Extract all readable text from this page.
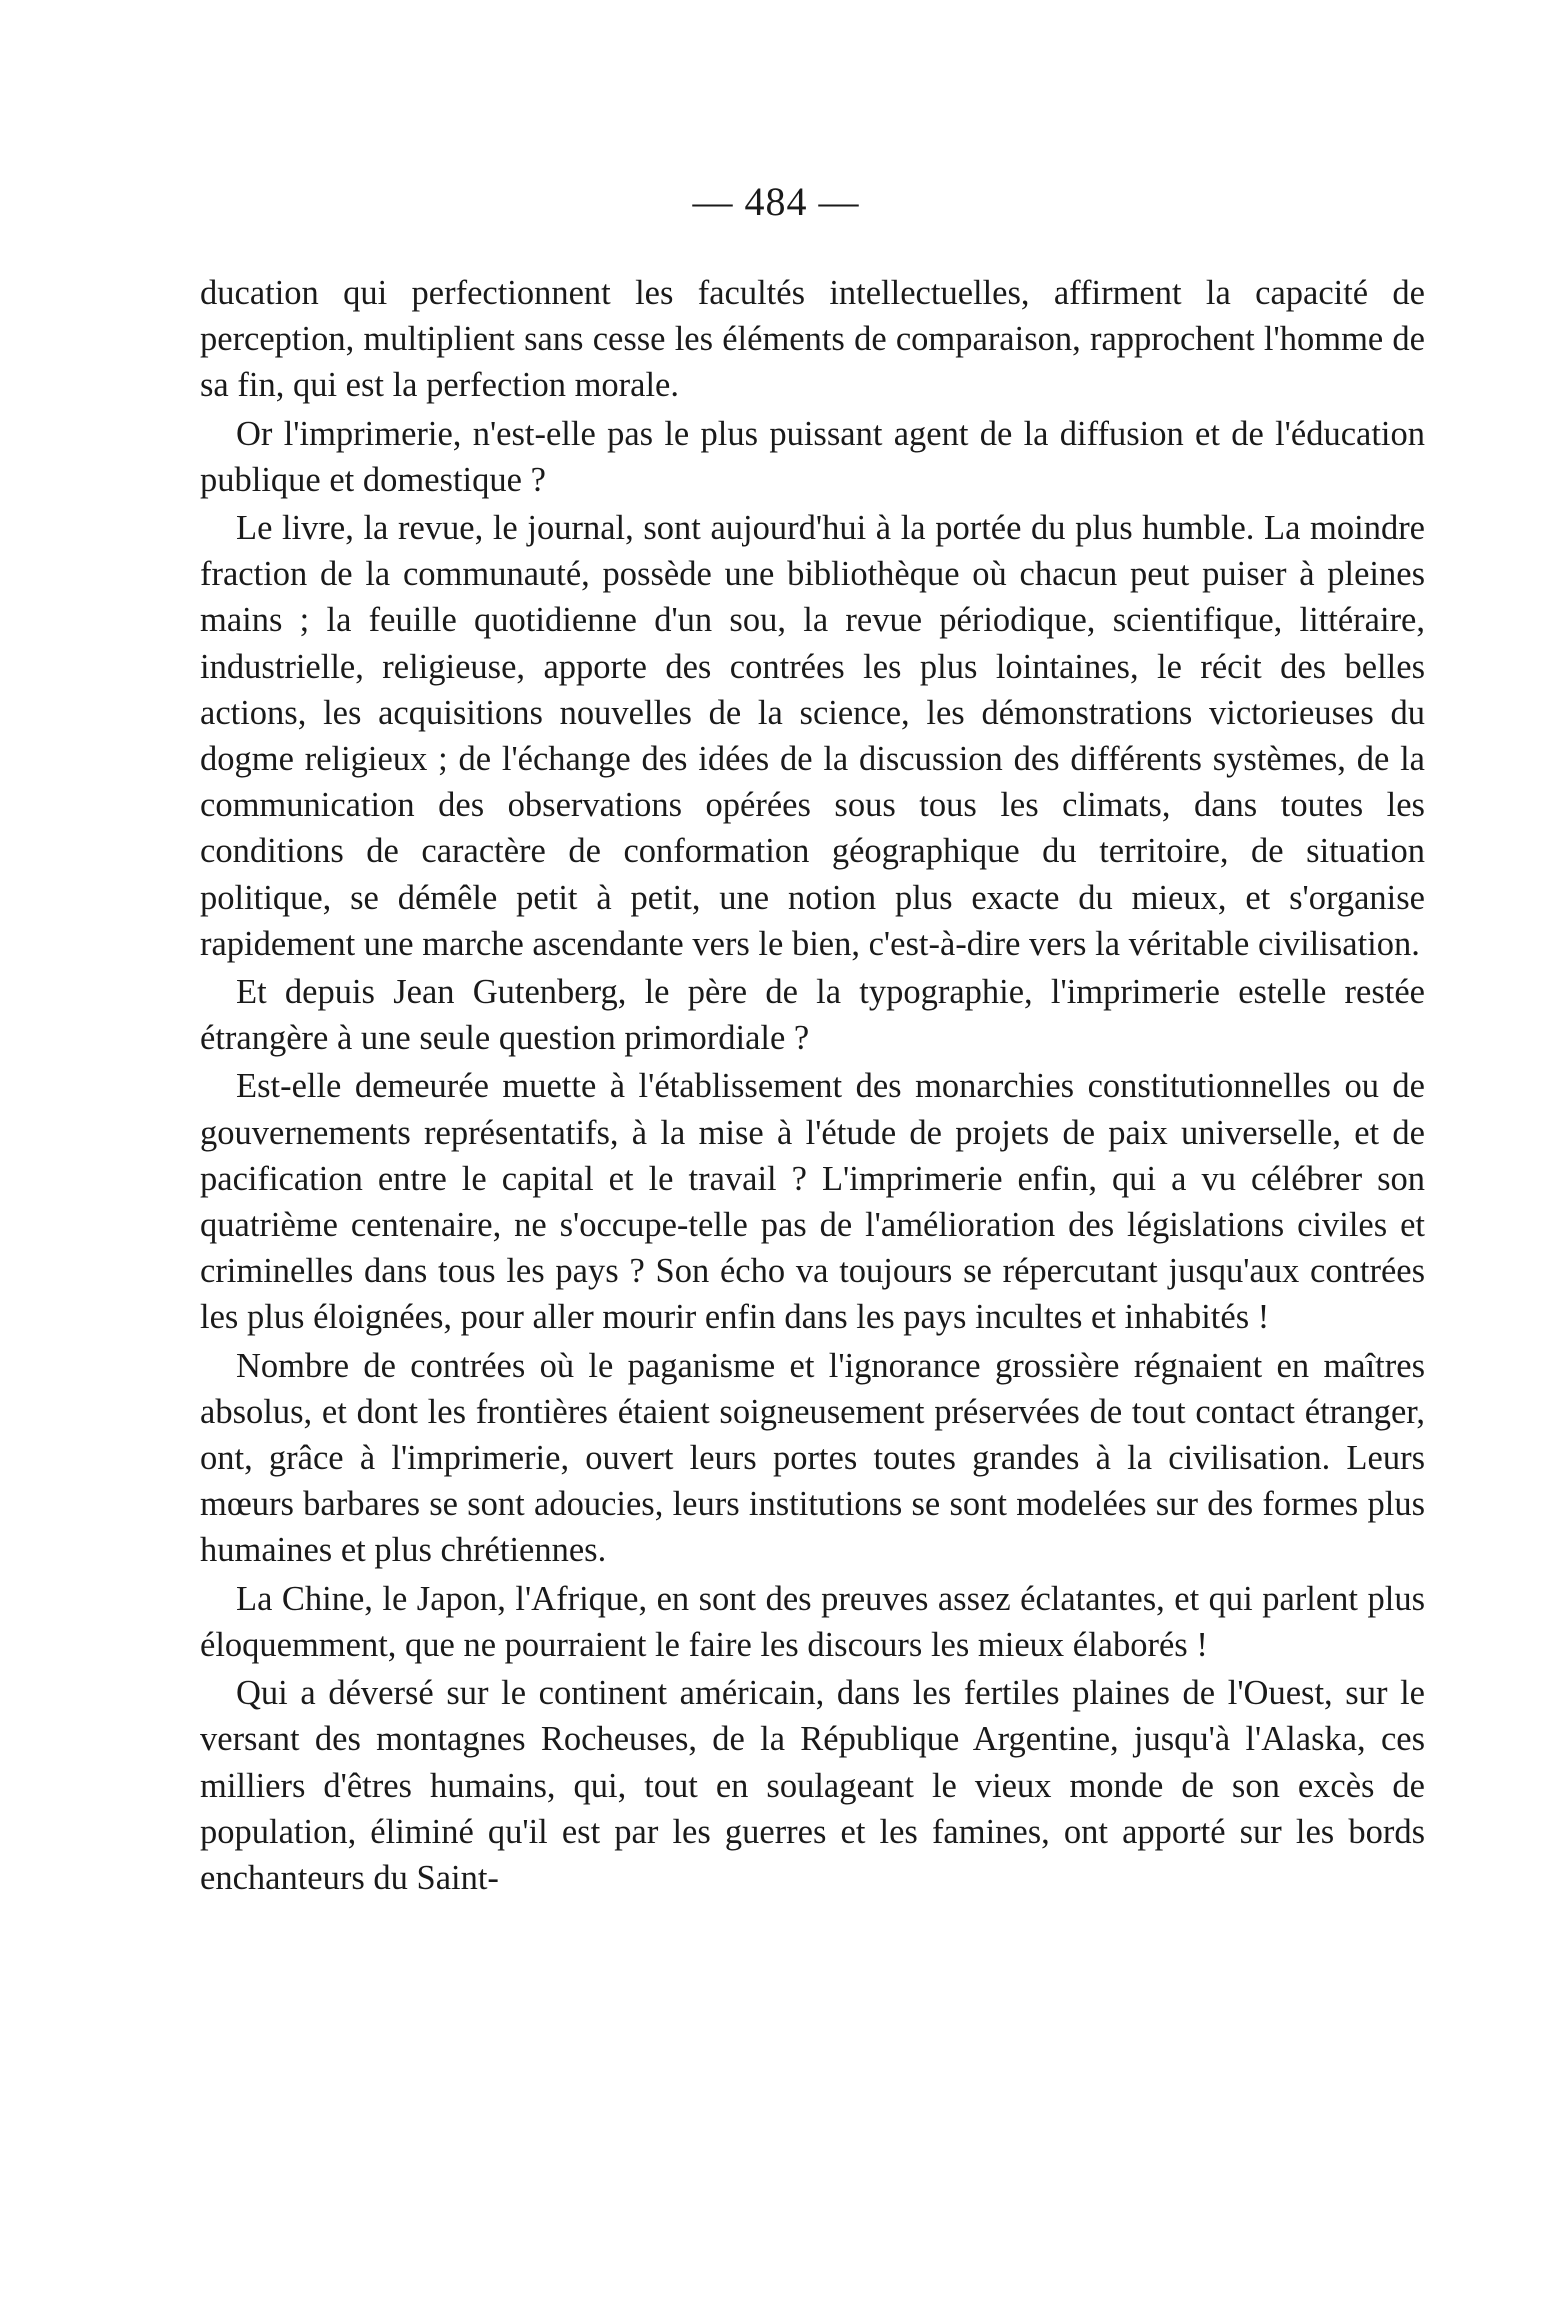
— 484 —

ducation qui perfectionnent les facultés intellectuelles, affirment la capacité de perception, multiplient sans cesse les éléments de comparaison, rapprochent l'homme de sa fin, qui est la perfection morale.

Or l'imprimerie, n'est-elle pas le plus puissant agent de la diffusion et de l'éducation publique et domestique ?

Le livre, la revue, le journal, sont aujourd'hui à la portée du plus humble. La moindre fraction de la communauté, possède une bibliothèque où chacun peut puiser à pleines mains ; la feuille quotidienne d'un sou, la revue périodique, scientifique, littéraire, industrielle, religieuse, apporte des contrées les plus lointaines, le récit des belles actions, les acquisitions nouvelles de la science, les démonstrations victorieuses du dogme religieux ; de l'échange des idées de la discussion des différents systèmes, de la communication des observations opérées sous tous les climats, dans toutes les conditions de caractère de conformation géographique du territoire, de situation politique, se démêle petit à petit, une notion plus exacte du mieux, et s'organise rapidement une marche ascendante vers le bien, c'est-à-dire vers la véritable civilisation.

Et depuis Jean Gutenberg, le père de la typographie, l'imprimerie estelle restée étrangère à une seule question primordiale ?

Est-elle demeurée muette à l'établissement des monarchies constitutionnelles ou de gouvernements représentatifs, à la mise à l'étude de projets de paix universelle, et de pacification entre le capital et le travail ? L'imprimerie enfin, qui a vu célébrer son quatrième centenaire, ne s'occupe-telle pas de l'amélioration des législations civiles et criminelles dans tous les pays ? Son écho va toujours se répercutant jusqu'aux contrées les plus éloignées, pour aller mourir enfin dans les pays incultes et inhabités !

Nombre de contrées où le paganisme et l'ignorance grossière régnaient en maîtres absolus, et dont les frontières étaient soigneusement préservées de tout contact étranger, ont, grâce à l'imprimerie, ouvert leurs portes toutes grandes à la civilisation. Leurs mœurs barbares se sont adoucies, leurs institutions se sont modelées sur des formes plus humaines et plus chrétiennes.

La Chine, le Japon, l'Afrique, en sont des preuves assez éclatantes, et qui parlent plus éloquemment, que ne pourraient le faire les discours les mieux élaborés !

Qui a déversé sur le continent américain, dans les fertiles plaines de l'Ouest, sur le versant des montagnes Rocheuses, de la République Argentine, jusqu'à l'Alaska, ces milliers d'êtres humains, qui, tout en soulageant le vieux monde de son excès de population, éliminé qu'il est par les guerres et les famines, ont apporté sur les bords enchanteurs du Saint-
